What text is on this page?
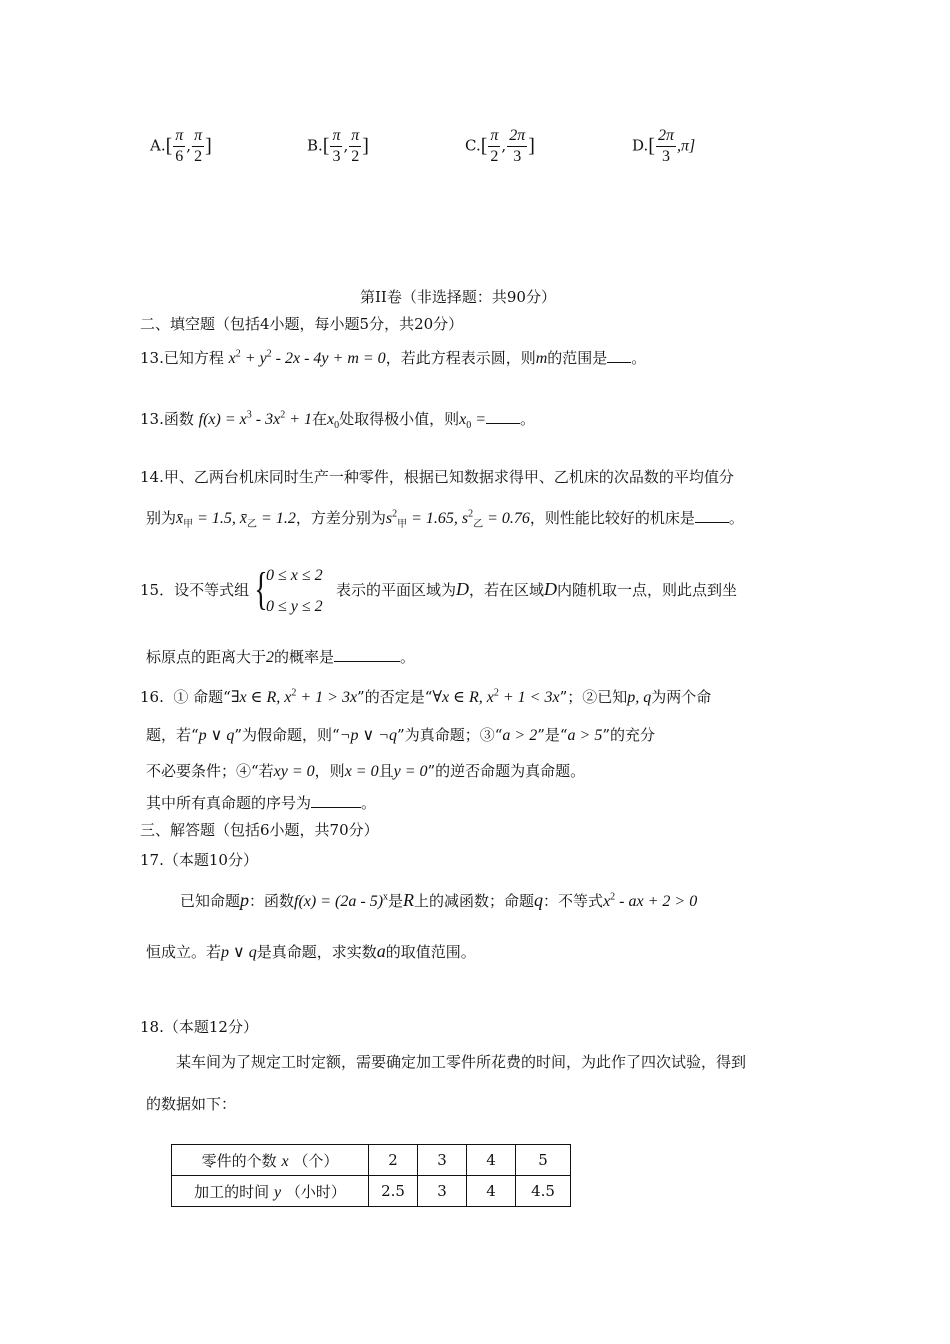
$A.[ \frac{\pi}{6}$ , $\frac{\pi}{2}$ ]	$B.[ \frac{\pi}{3}$ , $\frac{\pi}{2}$ ]	$C.[ \frac{\pi}{2}$ , $\frac{2\pi}{3}$ ]	$D.[ \frac{2\pi}{3} ,\pi]$
第II卷（非选择题：共90分）
二、填空题（包括4小题，每小题5分，共20分）
13.已知方程 $x^2 + y^2 - 2x - 4y + m = 0$，若此方程表示圆，则m的范围是 。
13.函数 $f(x) = x^3 - 3x^2 + 1$在$x_0$处取得极小值，则$x_0$ = 。
14.甲、乙两台机床同时生产一种零件，根据已知数据求得甲、乙机床的次品数的平均值分
别为$x̄_甲 = 1.5$, $x̄_乙 = 1.2$，方差分别为$s^2_甲 = 1.65$, $s^2_乙 = 0.76$，则性能比较好的机床是 。
15．设不等式组 {
0 ≤ x ≤ 2
0 ≤ y ≤ 2
表示的平面区域为D，若在区域D内随机取一点，则此点到坐
标原点的距离大于2的概率是	。
16. ① 命题“∃x ∈ R, $x^2 + 1 > 3x$”的否定是“∀x ∈ R, $x^2 + 1 < 3x$”；②已知p, q为两个命
题，若“p ∨ q”为假命题，则“¬p ∨ ¬q”为真命题；③“a > 2”是“a > 5”的充分
不必要条件；④“若xy = 0，则x = 0且y = 0”的逆否命题为真命题。
其中所有真命题的序号为	。
三、解答题（包括6小题，共70分）
17.（本题10分）
已知命题p：函数f(x) = (2a - 5)$^x$是R上的减函数；命题q：不等式$x^2$ - ax + 2 > 0
恒成立。若p ∨ q是真命题，求实数a的取值范围。
18.（本题12分）
某车间为了规定工时定额，需要确定加工零件所花费的时间，为此作了四次试验，得到
的数据如下：
零件的个数 x （个）	2	3	4	5
加工的时间 y （小时）	2.5	3	4	4.5
